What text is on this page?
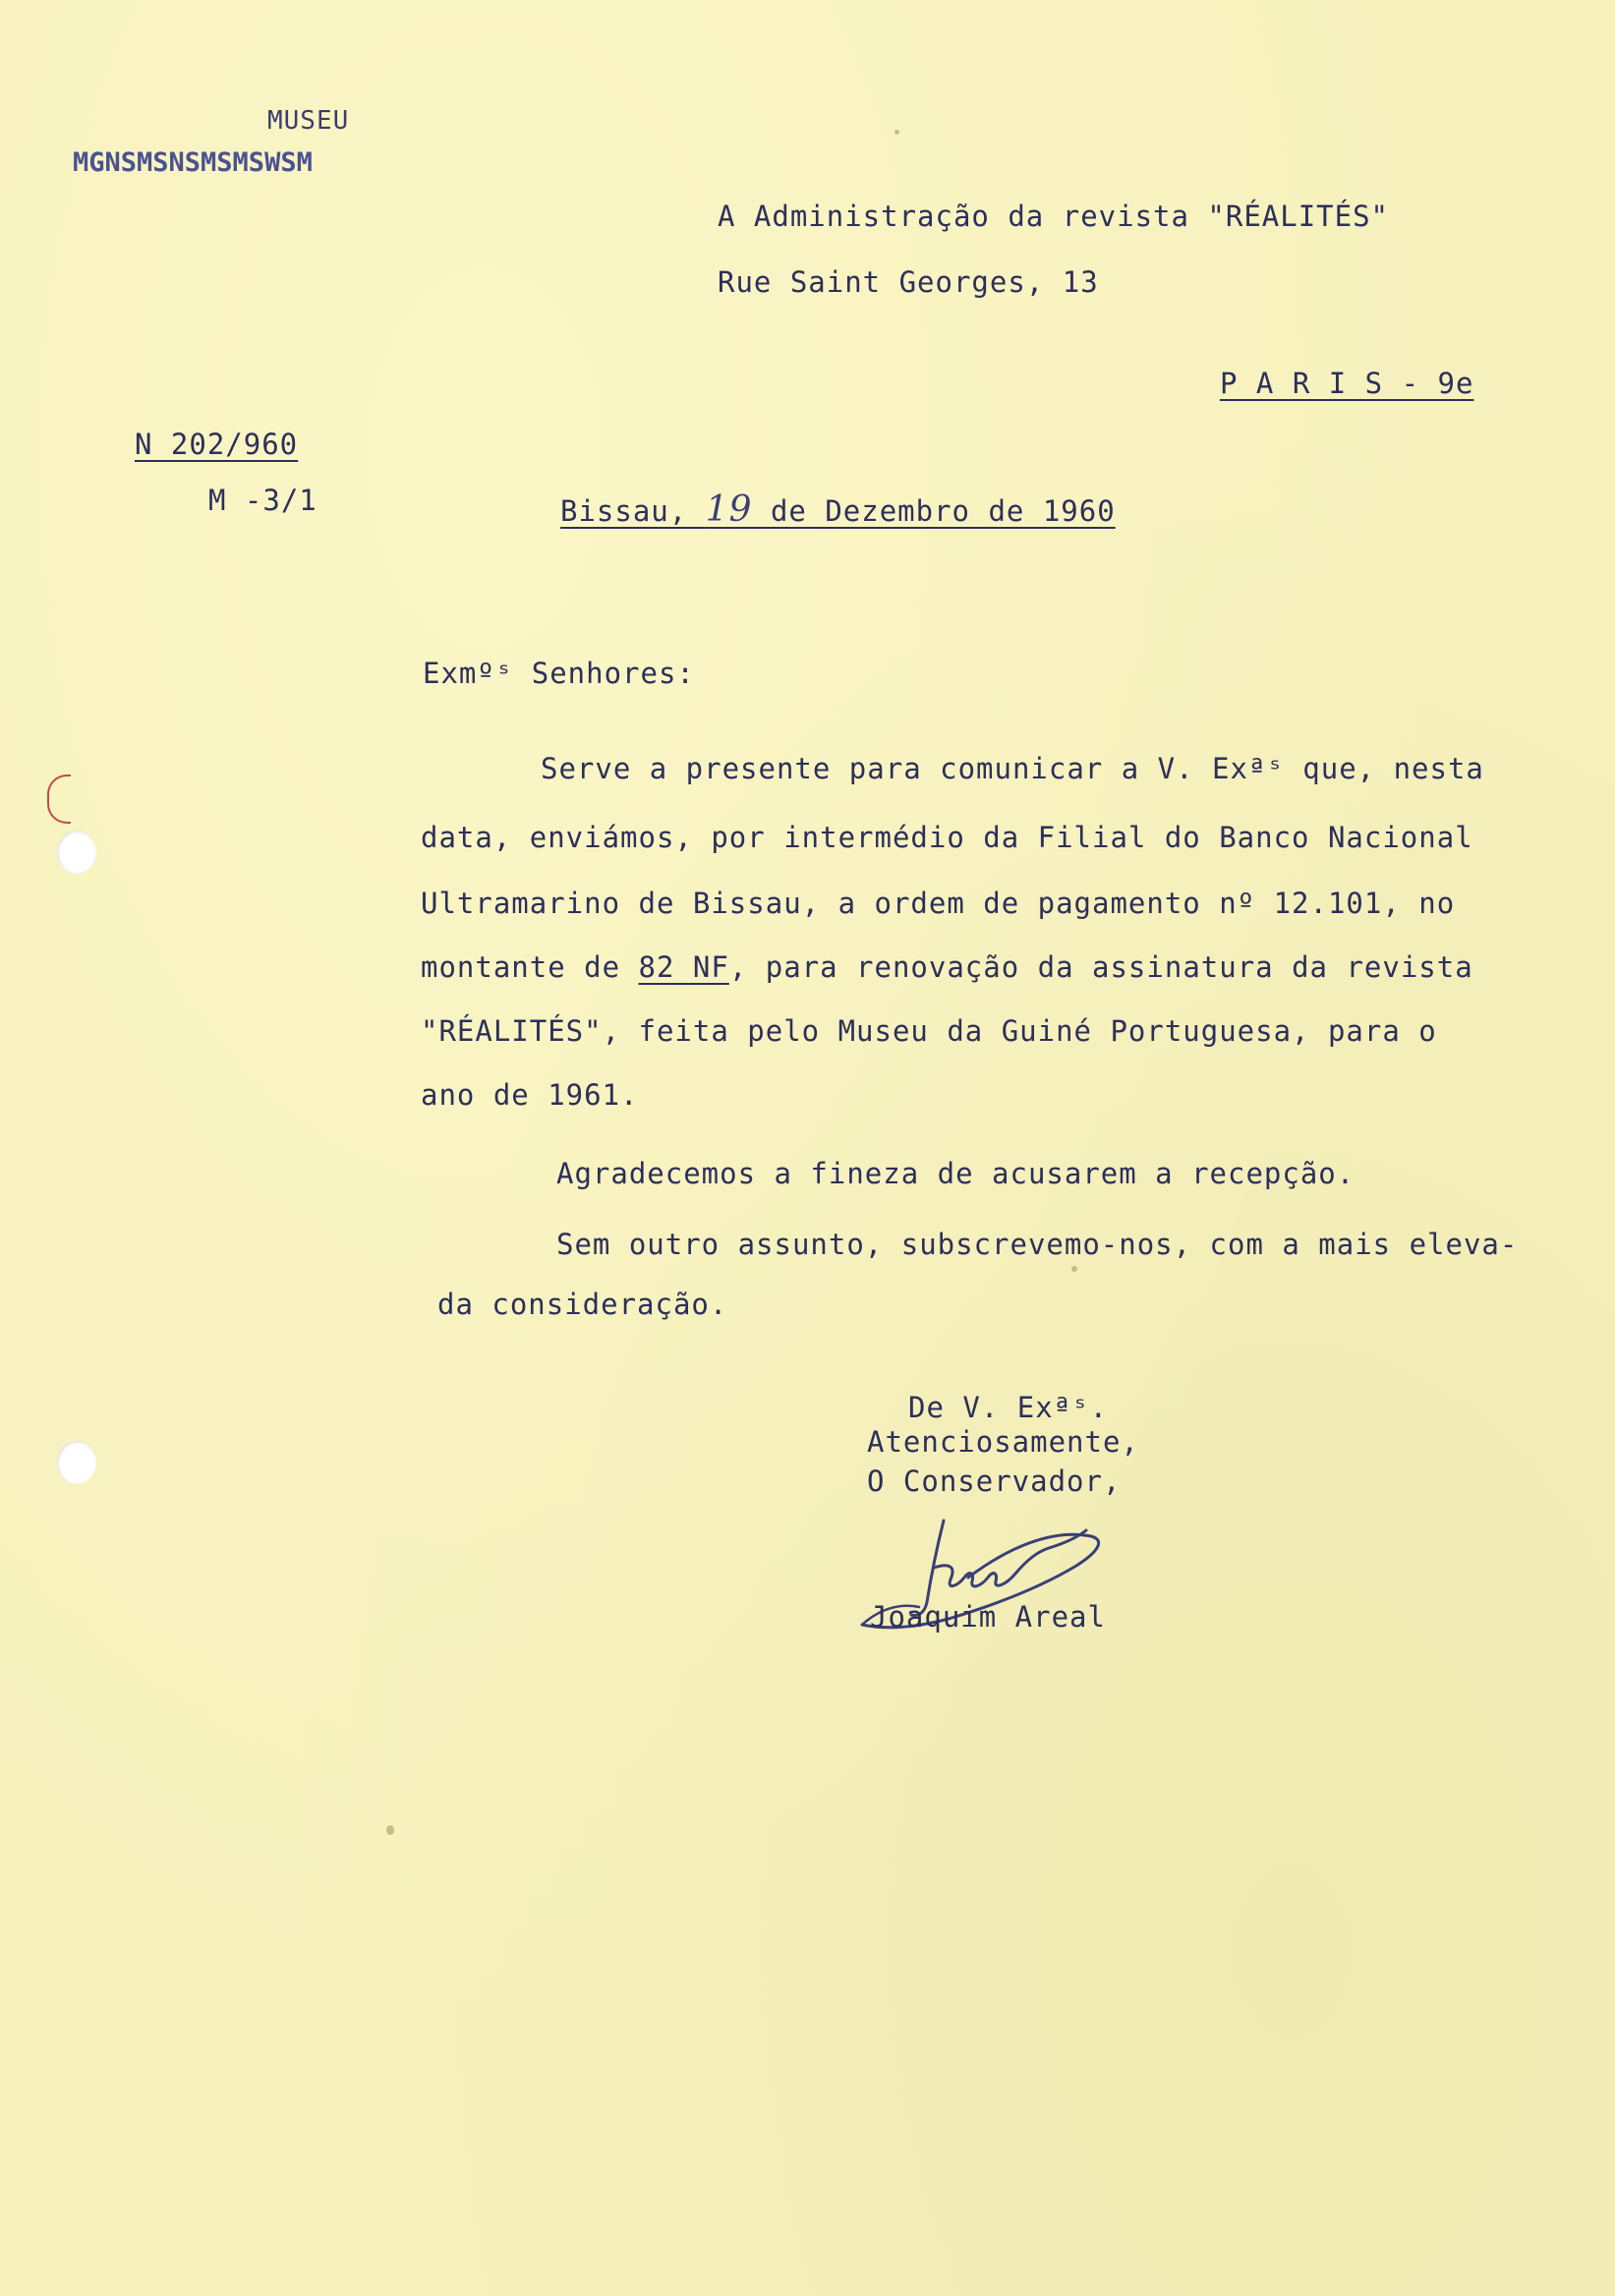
MUSEU
MGNSMSNSMSMSWSM
A Administração da revista "RÉALITÉS"
Rue Saint Georges, 13
P A R I S - 9e
N 202/960
M -3/1	Bissau, 19 de Dezembro de 1960
Exmºˢ Senhores:
Serve a presente para comunicar a V. Exªˢ que, nesta
data, enviámos, por intermédio da Filial do Banco Nacional
Ultramarino de Bissau, a ordem de pagamento nº 12.101, no
montante de 82 NF, para renovação da assinatura da revista
"RÉALITÉS", feita pelo Museu da Guiné Portuguesa, para o
ano de 1961.
Agradecemos a fineza de acusarem a recepção.
Sem outro assunto, subscrevemo-nos, com a mais eleva-
da consideração.
De V. Exªˢ.
Atenciosamente,
O Conservador,
Joaquim Areal
